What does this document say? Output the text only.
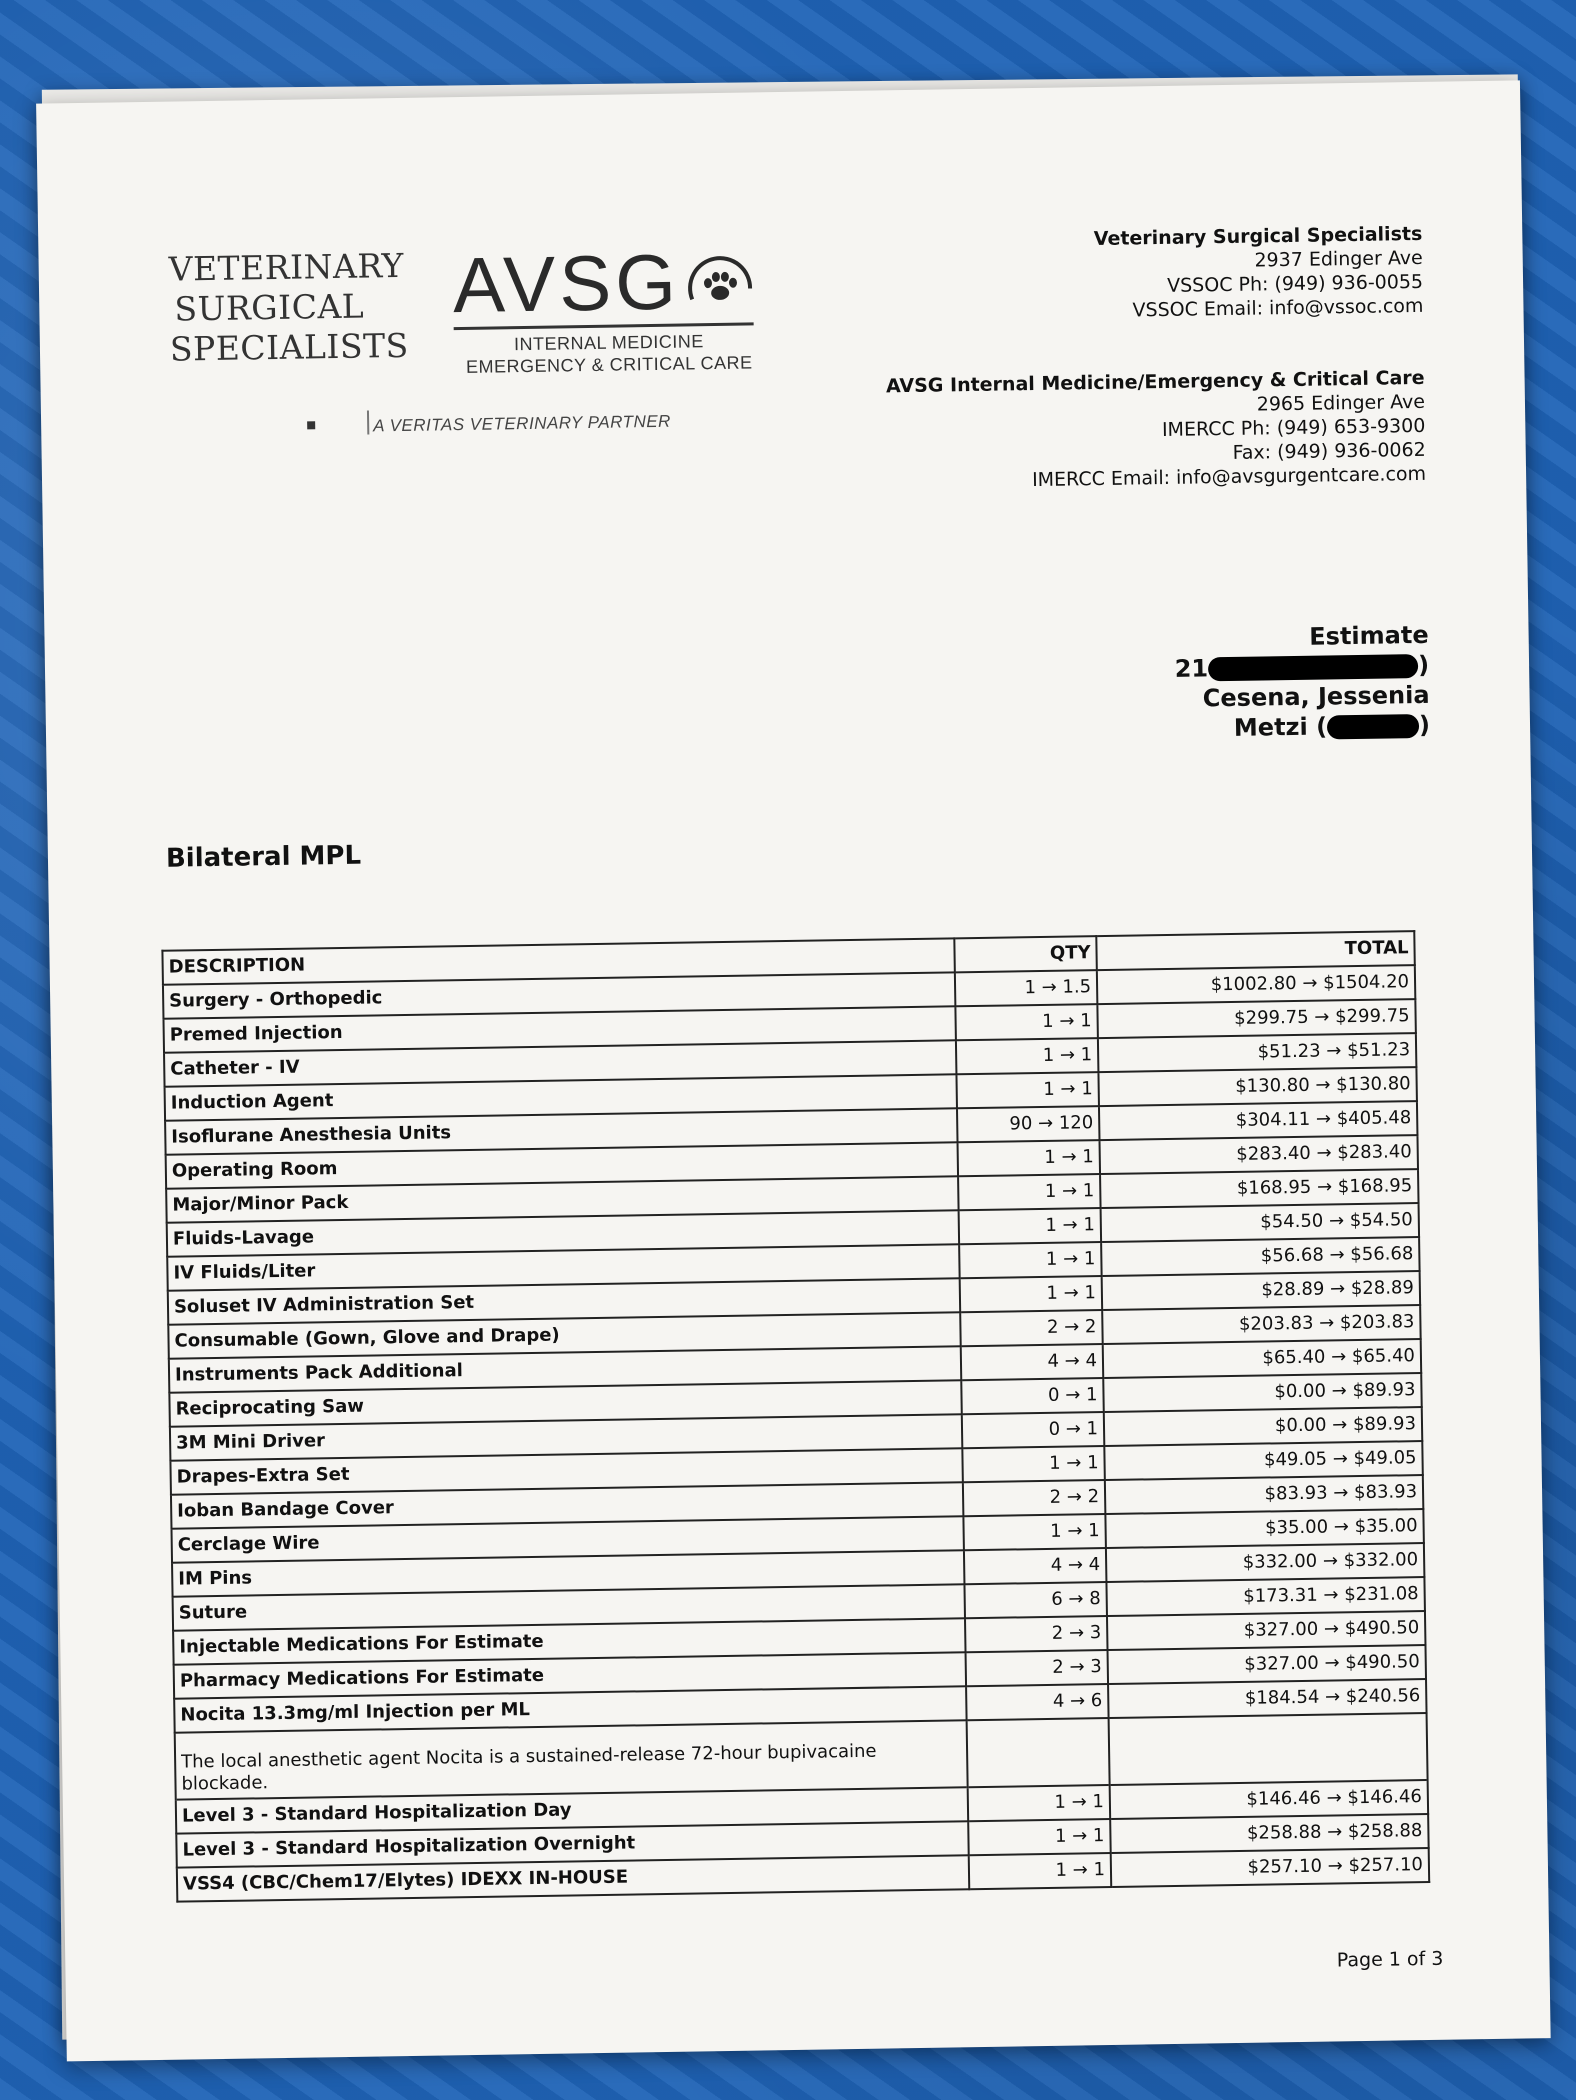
VETERINARY
SURGICAL
SPECIALISTS
AVSG
INTERNAL MEDICINE
EMERGENCY & CRITICAL CARE
A VERITAS VETERINARY PARTNER
Veterinary Surgical Specialists
2937 Edinger Ave
VSSOC Ph: (949) 936-0055
VSSOC Email: info@vssoc.com
AVSG Internal Medicine/Emergency & Critical Care
2965 Edinger Ave
IMERCC Ph: (949) 653-9300
Fax: (949) 936-0062
IMERCC Email: info@avsgurgentcare.com
Estimate
21	)
Cesena, Jessenia
Metzi (	)
Bilateral MPL
DESCRIPTION	QTY	TOTAL
Surgery - Orthopedic	1 → 1.5	$1002.80 → $1504.20
Premed Injection	1 → 1	$299.75 → $299.75
Catheter - IV	1 → 1	$51.23 → $51.23
Induction Agent	1 → 1	$130.80 → $130.80
Isoflurane Anesthesia Units	90 → 120	$304.11 → $405.48
Operating Room	1 → 1	$283.40 → $283.40
Major/Minor Pack	1 → 1	$168.95 → $168.95
Fluids-Lavage	1 → 1	$54.50 → $54.50
IV Fluids/Liter	1 → 1	$56.68 → $56.68
Soluset IV Administration Set	1 → 1	$28.89 → $28.89
Consumable (Gown, Glove and Drape)	2 → 2	$203.83 → $203.83
Instruments Pack Additional	4 → 4	$65.40 → $65.40
Reciprocating Saw	0 → 1	$0.00 → $89.93
3M Mini Driver	0 → 1	$0.00 → $89.93
Drapes-Extra Set	1 → 1	$49.05 → $49.05
Ioban Bandage Cover	2 → 2	$83.93 → $83.93
Cerclage Wire	1 → 1	$35.00 → $35.00
IM Pins	4 → 4	$332.00 → $332.00
Suture	6 → 8	$173.31 → $231.08
Injectable Medications For Estimate	2 → 3	$327.00 → $490.50
Pharmacy Medications For Estimate	2 → 3	$327.00 → $490.50
Nocita 13.3mg/ml Injection per ML	4 → 6	$184.54 → $240.56
The local anesthetic agent Nocita is a sustained-release 72-hour bupivacaine blockade.		
Level 3 - Standard Hospitalization Day	1 → 1	$146.46 → $146.46
Level 3 - Standard Hospitalization Overnight	1 → 1	$258.88 → $258.88
VSS4 (CBC/Chem17/Elytes) IDEXX IN-HOUSE	1 → 1	$257.10 → $257.10
Page 1 of 3
